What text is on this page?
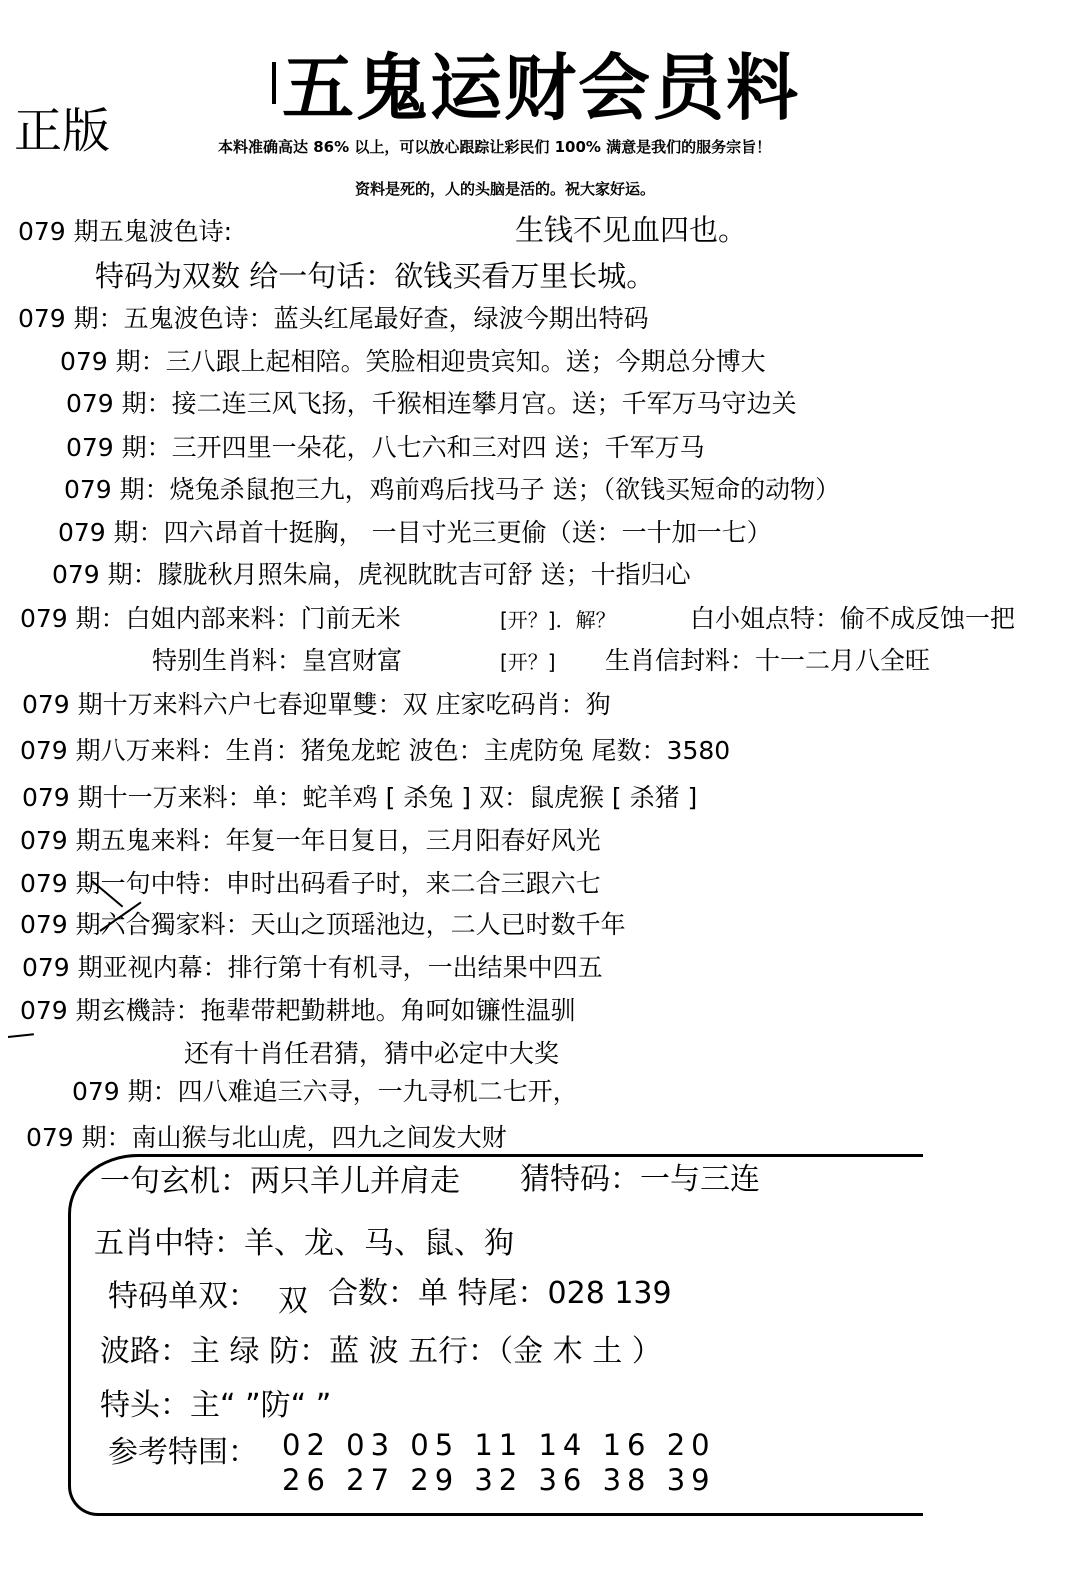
五鬼运财会员料
正版	本料准确高达 86% 以上，可以放心跟踪让彩民们 100% 满意是我们的服务宗旨！
资料是死的，人的头脑是活的。祝大家好运。
079 期五鬼波色诗:	生钱不见血四也。
特码为双数 给一句话：欲钱买看万里长城。
079 期：五鬼波色诗：蓝头红尾最好查，绿波今期出特码
079 期：三八跟上起相陪。笑脸相迎贵宾知。送；今期总分博大
079 期：接二连三风飞扬，千猴相连攀月宫。送；千军万马守边关
079 期：三开四里一朵花，八七六和三对四 送；千军万马
079 期：烧兔杀鼠抱三九，鸡前鸡后找马子 送；（欲钱买短命的动物）
079 期：四六昂首十挺胸， 一目寸光三更偷（送：一十加一七）
079 期：朦胧秋月照朱扁，虎视眈眈吉可舒 送；十指归心
079 期：白姐内部来料：门前无米	[开？]．解？	白小姐点特：偷不成反蚀一把
特别生肖料：皇宫财富	[开？] 生肖信封料：十一二月八全旺
079 期十万来料六户七春迎單雙：双 庄家吃码肖：狗
079 期八万来料：生肖：猪兔龙蛇 波色：主虎防兔 尾数：3580
079 期十一万来料：单：蛇羊鸡 [ 杀兔 ] 双：鼠虎猴 [ 杀猪 ]
079 期五鬼来料：年复一年日复日，三月阳春好风光
079 期一句中特：申时出码看子时，来二合三跟六七
079 期六合獨家料：天山之顶瑶池边，二人已时数千年
079 期亚视内幕：排行第十有机寻，一出结果中四五
079 期玄機詩：拖辈带耙勤耕地。角呵如镰性温驯
还有十肖任君猜，猜中必定中大奖
079 期：四八难追三六寻，一九寻机二七开，
079 期：南山猴与北山虎，四九之间发大财
一句玄机：两只羊儿并肩走 猜特码：一与三连
五肖中特：羊、龙、马、鼠、狗
特码单双： 双 合数：单 特尾：028 139
波路：主 绿 防：蓝 波 五行：（金 木 土 ）
特头：主“ ”防“ ”
参考特围： 02 03 05 11 14 16 20
26 27 29 32 36 38 39
